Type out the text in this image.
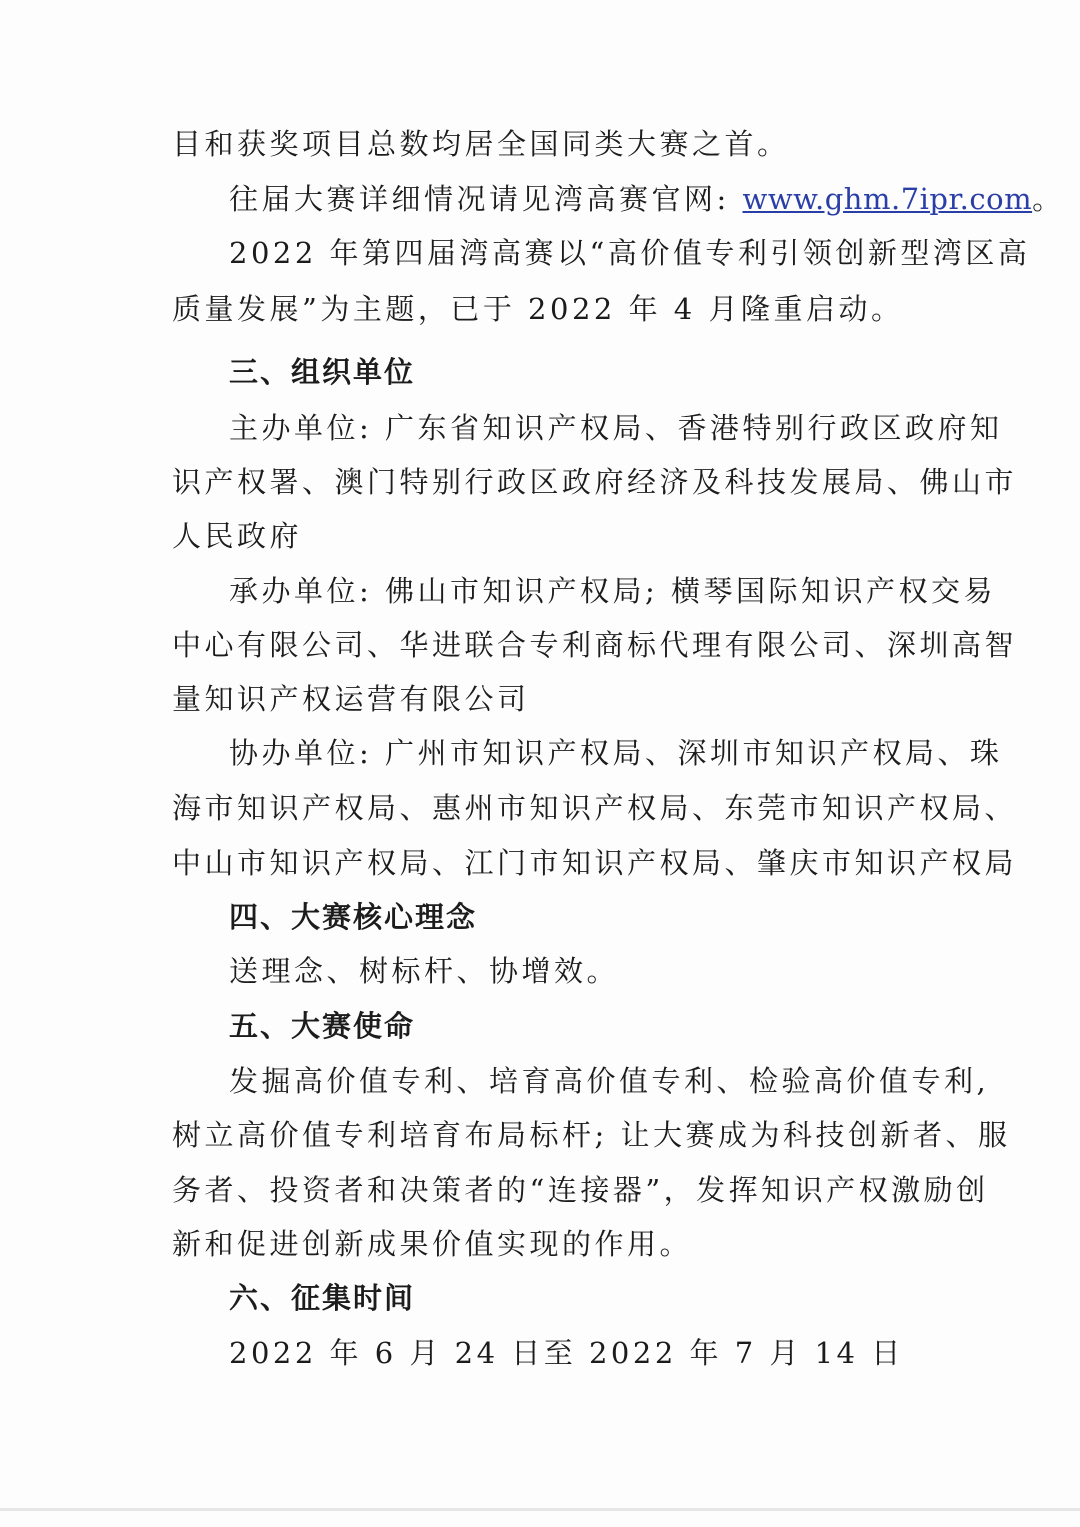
目和获奖项目总数均居全国同类大赛之首。
往届大赛详细情况请见湾高赛官网: www.ghm.7ipr.com。
2022 年第四届湾高赛以“高价值专利引领创新型湾区高
质量发展”为主题，已于 2022 年 4 月隆重启动。
三、组织单位
主办单位: 广东省知识产权局、香港特别行政区政府知
识产权署、澳门特别行政区政府经济及科技发展局、佛山市
人民政府
承办单位: 佛山市知识产权局; 横琴国际知识产权交易
中心有限公司、华进联合专利商标代理有限公司、深圳高智
量知识产权运营有限公司
协办单位: 广州市知识产权局、深圳市知识产权局、珠
海市知识产权局、惠州市知识产权局、东莞市知识产权局、
中山市知识产权局、江门市知识产权局、肇庆市知识产权局
四、大赛核心理念
送理念、树标杆、协增效。
五、大赛使命
发掘高价值专利、培育高价值专利、检验高价值专利,
树立高价值专利培育布局标杆; 让大赛成为科技创新者、服
务者、投资者和决策者的“连接器”，发挥知识产权激励创
新和促进创新成果价值实现的作用。
六、征集时间
2022 年 6 月 24 日至 2022 年 7 月 14 日
